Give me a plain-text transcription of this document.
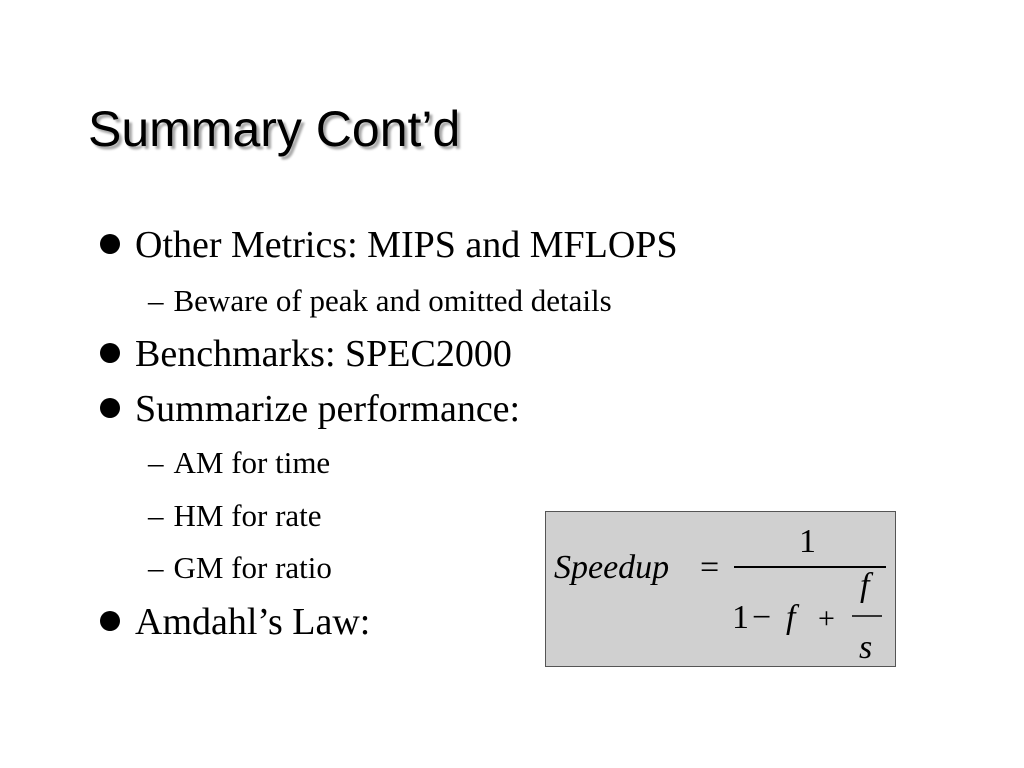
Summary Cont’d
Other Metrics: MIPS and MFLOPS
– Beware of peak and omitted details
Benchmarks: SPEC2000
Summarize performance:
– AM for time
– HM for rate
– GM for ratio
Amdahl’s Law:
Speedup =
1
1 − f +
f
s
